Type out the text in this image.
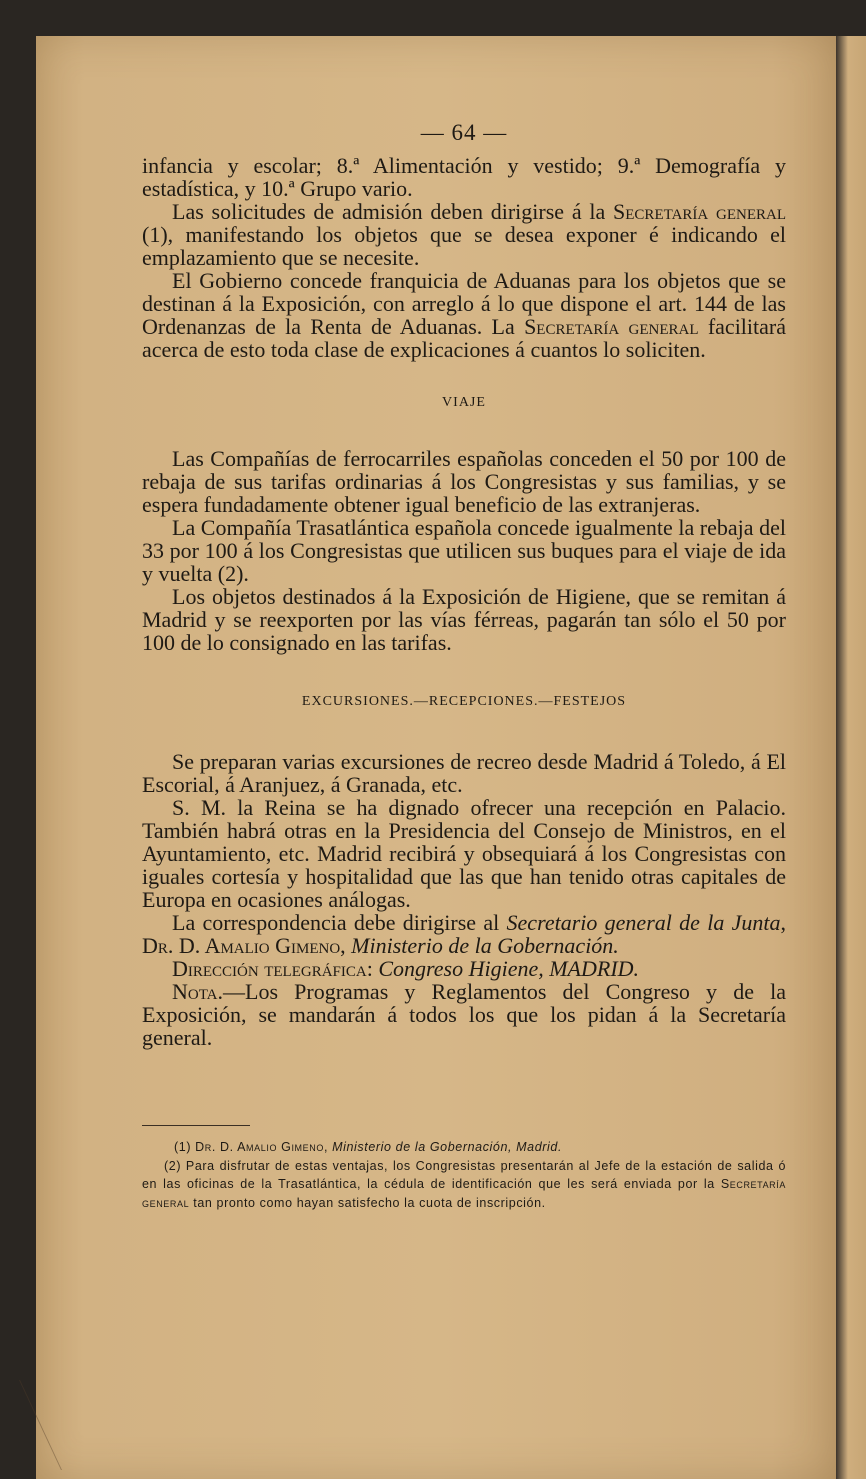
— 64 —

infancia y escolar; 8.ª Alimentación y vestido; 9.ª Demografía y estadística, y 10.ª Grupo vario.

Las solicitudes de admisión deben dirigirse á la Secretaría general (1), manifestando los objetos que se desea exponer é indicando el emplazamiento que se necesite.

El Gobierno concede franquicia de Aduanas para los objetos que se destinan á la Exposición, con arreglo á lo que dispone el art. 144 de las Ordenanzas de la Renta de Aduanas. La Secretaría general facilitará acerca de esto toda clase de explicaciones á cuantos lo soliciten.

VIAJE

Las Compañías de ferrocarriles españolas conceden el 50 por 100 de rebaja de sus tarifas ordinarias á los Congresistas y sus familias, y se espera fundadamente obtener igual beneficio de las extranjeras.

La Compañía Trasatlántica española concede igualmente la rebaja del 33 por 100 á los Congresistas que utilicen sus buques para el viaje de ida y vuelta (2).

Los objetos destinados á la Exposición de Higiene, que se remitan á Madrid y se reexporten por las vías férreas, pagarán tan sólo el 50 por 100 de lo consignado en las tarifas.

EXCURSIONES.—RECEPCIONES.—FESTEJOS

Se preparan varias excursiones de recreo desde Madrid á Toledo, á El Escorial, á Aranjuez, á Granada, etc.

S. M. la Reina se ha dignado ofrecer una recepción en Palacio. También habrá otras en la Presidencia del Consejo de Ministros, en el Ayuntamiento, etc. Madrid recibirá y obsequiará á los Congresistas con iguales cortesía y hospitalidad que las que han tenido otras capitales de Europa en ocasiones análogas.

La correspondencia debe dirigirse al Secretario general de la Junta, Dr. D. Amalio Gimeno, Ministerio de la Gobernación.

Dirección telegráfica: Congreso Higiene, MADRID.

Nota.—Los Programas y Reglamentos del Congreso y de la Exposición, se mandarán á todos los que los pidan á la Secretaría general.

(1) Dr. D. Amalio Gimeno, Ministerio de la Gobernación, Madrid.

(2) Para disfrutar de estas ventajas, los Congresistas presentarán al Jefe de la estación de salida ó en las oficinas de la Trasatlántica, la cédula de identificación que les será enviada por la Secretaría general tan pronto como hayan satisfecho la cuota de inscripción.
